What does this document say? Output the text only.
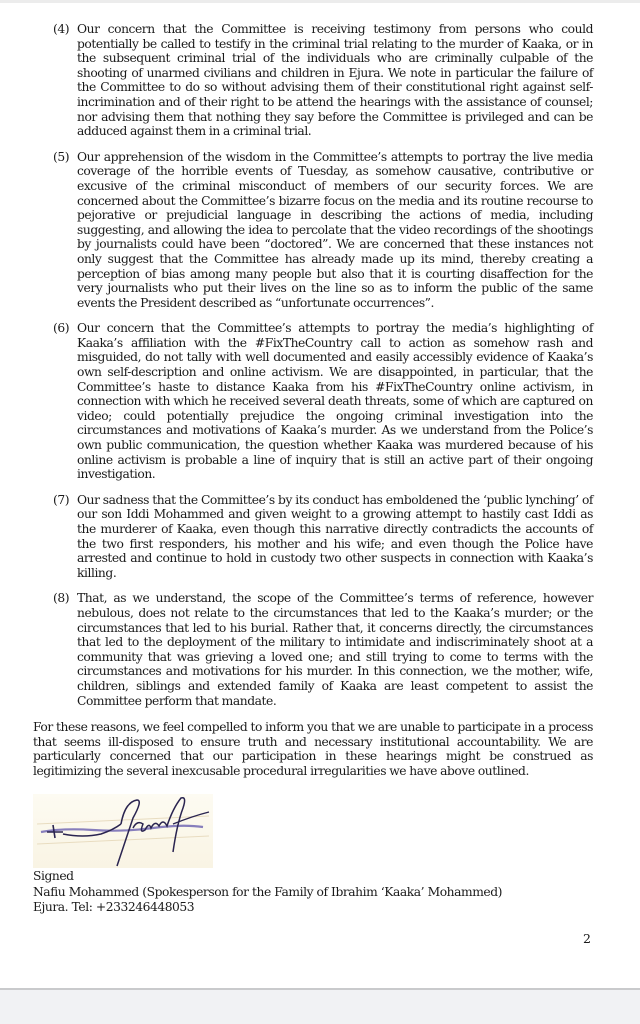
(4) Our concern that the Committee is receiving testimony from persons who could potentially be called to testify in the criminal trial relating to the murder of Kaaka, or in the subsequent criminal trial of the individuals who are criminally culpable of the shooting of unarmed civilians and children in Ejura. We note in particular the failure of the Committee to do so without advising them of their constitutional right against self-incrimination and of their right to be attend the hearings with the assistance of counsel; nor advising them that nothing they say before the Committee is privileged and can be adduced against them in a criminal trial.
(5) Our apprehension of the wisdom in the Committee’s attempts to portray the live media coverage of the horrible events of Tuesday, as somehow causative, contributive or excusive of the criminal misconduct of members of our security forces. We are concerned about the Committee’s bizarre focus on the media and its routine recourse to pejorative or prejudicial language in describing the actions of media, including suggesting, and allowing the idea to percolate that the video recordings of the shootings by journalists could have been “doctored”. We are concerned that these instances not only suggest that the Committee has already made up its mind, thereby creating a perception of bias among many people but also that it is courting disaffection for the very journalists who put their lives on the line so as to inform the public of the same events the President described as “unfortunate occurrences”.
(6) Our concern that the Committee’s attempts to portray the media’s highlighting of Kaaka’s affiliation with the #FixTheCountry call to action as somehow rash and misguided, do not tally with well documented and easily accessibly evidence of Kaaka’s own self-description and online activism. We are disappointed, in particular, that the Committee’s haste to distance Kaaka from his #FixTheCountry online activism, in connection with which he received several death threats, some of which are captured on video; could potentially prejudice the ongoing criminal investigation into the circumstances and motivations of Kaaka’s murder. As we understand from the Police’s own public communication, the question whether Kaaka was murdered because of his online activism is probable a line of inquiry that is still an active part of their ongoing investigation.
(7) Our sadness that the Committee’s by its conduct has emboldened the ‘public lynching’ of our son Iddi Mohammed and given weight to a growing attempt to hastily cast Iddi as the murderer of Kaaka, even though this narrative directly contradicts the accounts of the two first responders, his mother and his wife; and even though the Police have arrested and continue to hold in custody two other suspects in connection with Kaaka’s killing.
(8) That, as we understand, the scope of the Committee’s terms of reference, however nebulous, does not relate to the circumstances that led to the Kaaka’s murder; or the circumstances that led to his burial. Rather that, it concerns directly, the circumstances that led to the deployment of the military to intimidate and indiscriminately shoot at a community that was grieving a loved one; and still trying to come to terms with the circumstances and motivations for his murder. In this connection, we the mother, wife, children, siblings and extended family of Kaaka are least competent to assist the Committee perform that mandate.

For these reasons, we feel compelled to inform you that we are unable to participate in a process that seems ill-disposed to ensure truth and necessary institutional accountability. We are particularly concerned that our participation in these hearings might be construed as legitimizing the several inexcusable procedural irregularities we have above outlined.

Signed
Nafiu Mohammed (Spokesperson for the Family of Ibrahim ‘Kaaka’ Mohammed)
Ejura. Tel: +233246448053
2
